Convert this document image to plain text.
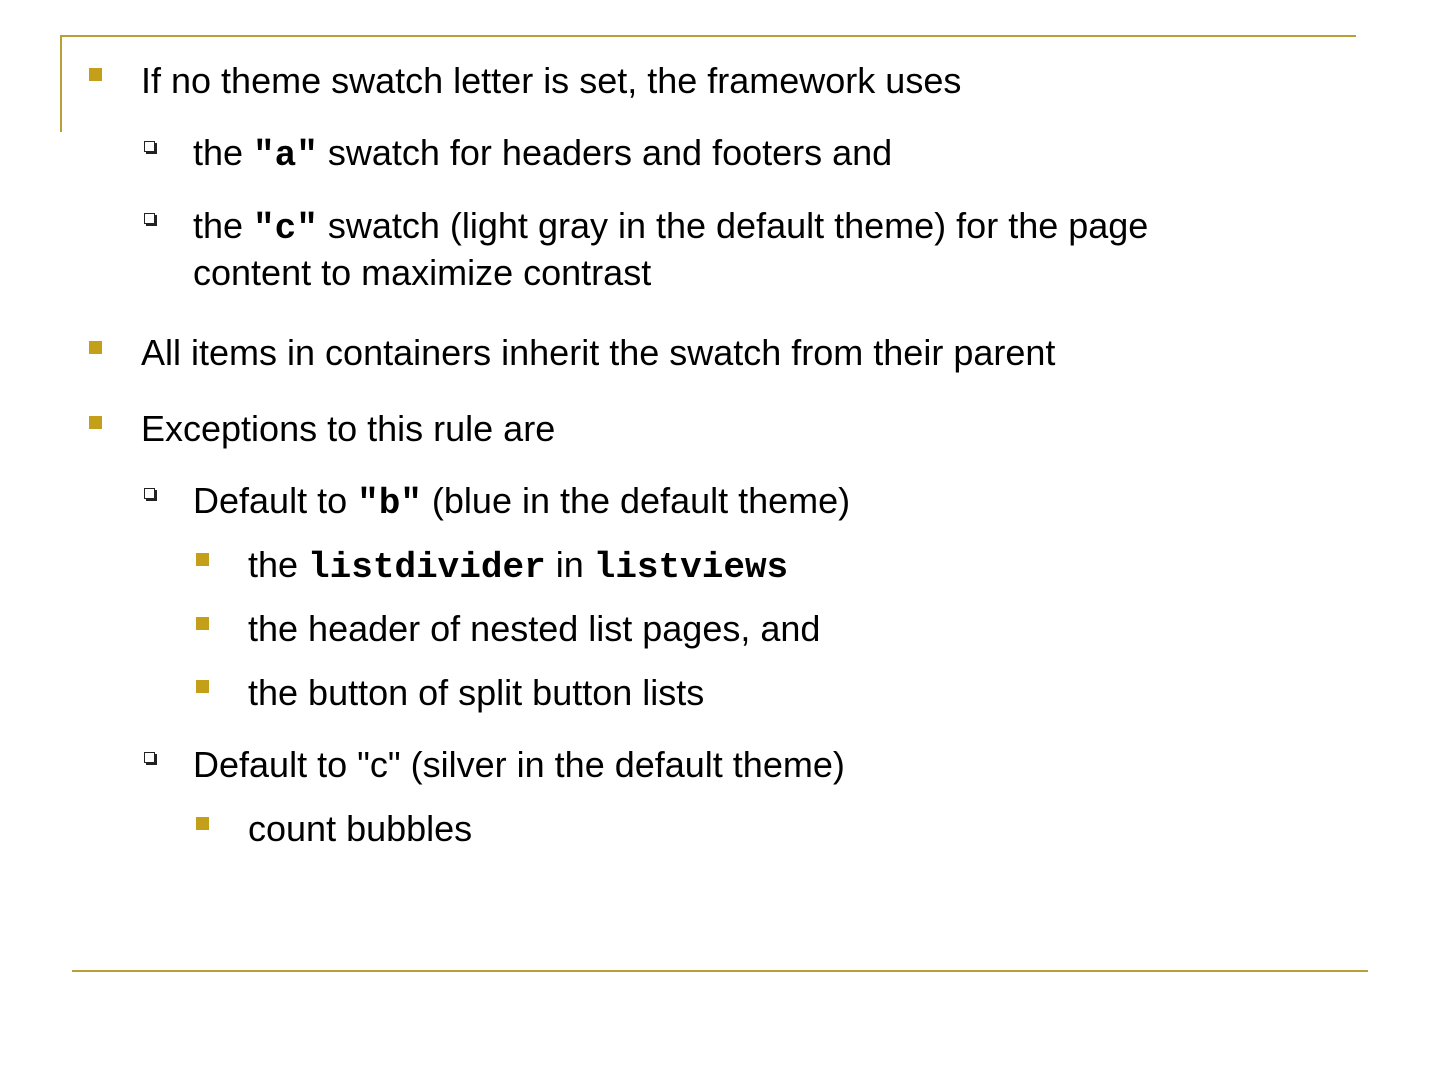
If no theme swatch letter is set, the framework uses
the "a" swatch for headers and footers and
the "c" swatch (light gray in the default theme) for the page
content to maximize contrast
All items in containers inherit the swatch from their parent
Exceptions to this rule are
Default to "b" (blue in the default theme)
the listdivider in listviews
the header of nested list pages, and
the button of split button lists
Default to "c" (silver in the default theme)
count bubbles
